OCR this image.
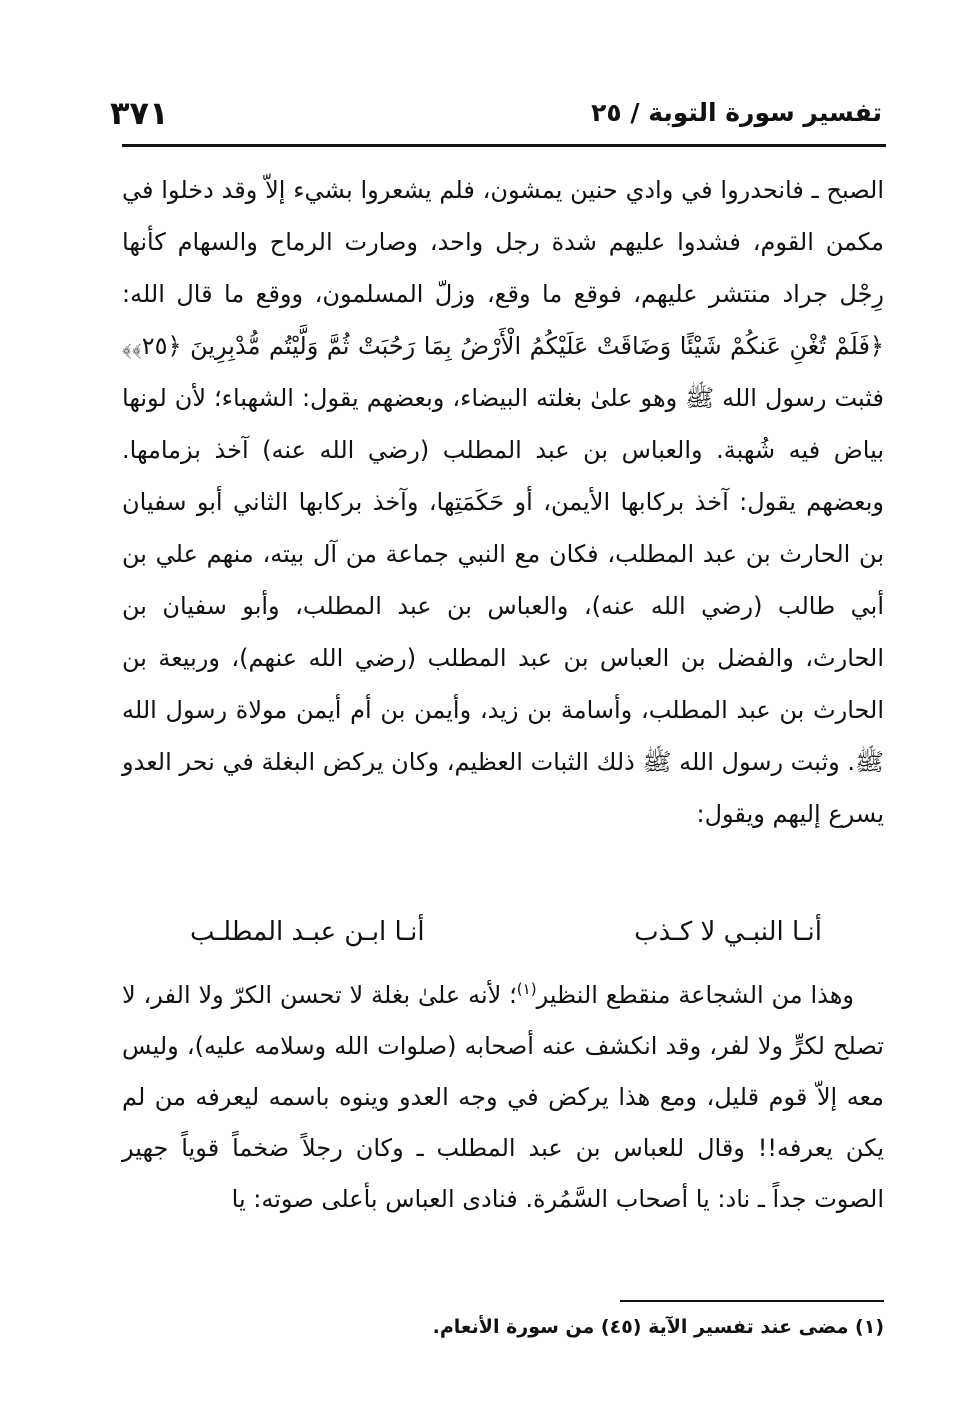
تفسير سورة التوبة / ٢٥
٣٧١

الصبح ـ فانحدروا في وادي حنين يمشون، فلم يشعروا بشيء إلاّ وقد دخلوا في مكمن القوم، فشدوا عليهم شدة رجل واحد، وصارت الرماح والسهام كأنها رِجْل جراد منتشر عليهم، فوقع ما وقع، وزلّ المسلمون، ووقع ما قال الله: ﴿فَلَمْ تُغْنِ عَنكُمْ شَيْئًا وَضَاقَتْ عَلَيْكُمُ الْأَرْضُ بِمَا رَحُبَتْ ثُمَّ وَلَّيْتُم مُّدْبِرِينَ ﴿٢٥﴾﴾ فثبت رسول الله ﷺ وهو علىٰ بغلته البيضاء، وبعضهم يقول: الشهباء؛ لأن لونها بياض فيه شُهبة. والعباس بن عبد المطلب (رضي الله عنه) آخذ بزمامها. وبعضهم يقول: آخذ بركابها الأيمن، أو حَكَمَتِها، وآخذ بركابها الثاني أبو سفيان بن الحارث بن عبد المطلب، فكان مع النبي جماعة من آل بيته، منهم علي بن أبي طالب (رضي الله عنه)، والعباس بن عبد المطلب، وأبو سفيان بن الحارث، والفضل بن العباس بن عبد المطلب (رضي الله عنهم)، وربيعة بن الحارث بن عبد المطلب، وأسامة بن زيد، وأيمن بن أم أيمن مولاة رسول الله ﷺ. وثبت رسول الله ﷺ ذلك الثبات العظيم، وكان يركض البغلة في نحر العدو يسرع إليهم ويقول:

أنـا النبـي لا كـذب
أنـا ابـن عبـد المطلـب
وهذا من الشجاعة منقطع النظير$^{(١)}$؛ لأنه علىٰ بغلة لا تحسن الكرّ ولا الفر، لا تصلح لكرٍّ ولا لفر، وقد انكشف عنه أصحابه (صلوات الله وسلامه عليه)، وليس معه إلاّ قوم قليل، ومع هذا يركض في وجه العدو وينوه باسمه ليعرفه من لم يكن يعرفه!! وقال للعباس بن عبد المطلب ـ وكان رجلاً ضخماً قوياً جهير الصوت جداً ـ ناد: يا أصحاب السَّمُرة. فنادى العباس بأعلى صوته: يا
(١) مضى عند تفسير الآية (٤٥) من سورة الأنعام.
